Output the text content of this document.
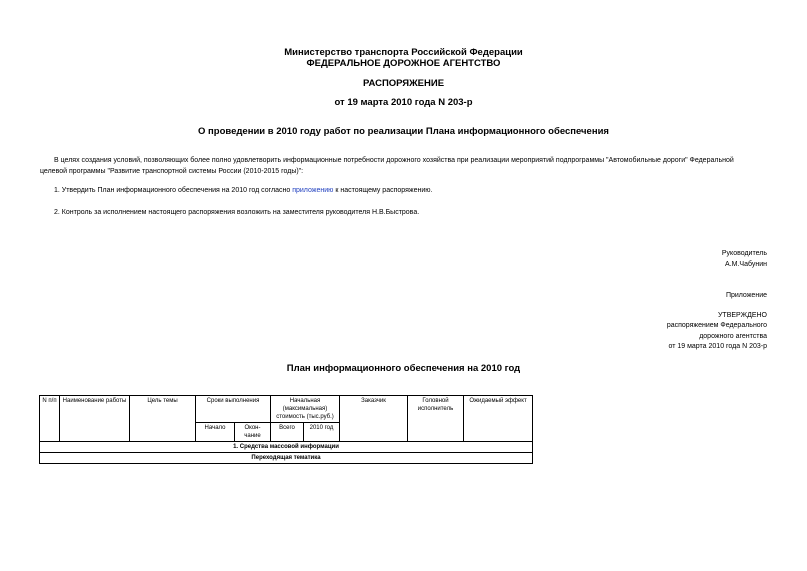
Министерство транспорта Российской Федерации
ФЕДЕРАЛЬНОЕ ДОРОЖНОЕ АГЕНТСТВО
РАСПОРЯЖЕНИЕ
от 19 марта 2010 года N 203-р
О проведении в 2010 году работ по реализации Плана информационного обеспечения
В целях создания условий, позволяющих более полно удовлетворить информационные потребности дорожного хозяйства при реализации мероприятий подпрограммы "Автомобильные дороги" Федеральной
целевой программы "Развитие транспортной системы России (2010-2015 годы)":
1. Утвердить План информационного обеспечения на 2010 год согласно приложению к настоящему распоряжению.
2. Контроль за исполнением настоящего распоряжения возложить на заместителя руководителя Н.В.Быстрова.
Руководитель
А.М.Чабунин
Приложение
УТВЕРЖДЕНО
распоряжением Федерального
дорожного агентства
от 19 марта 2010 года N 203-р
План информационного обеспечения на 2010 год
N п/п	Наименование работы	Цель темы	Сроки выполнения		Начальная (максимальная) стоимость (тыс.руб.)		Заказчик	Головной исполнитель	Ожидаемый эффект
			Начало	Окон-чание	Всего	2010 год			
1. Средства массовой информации									
Переходящая тематика									
